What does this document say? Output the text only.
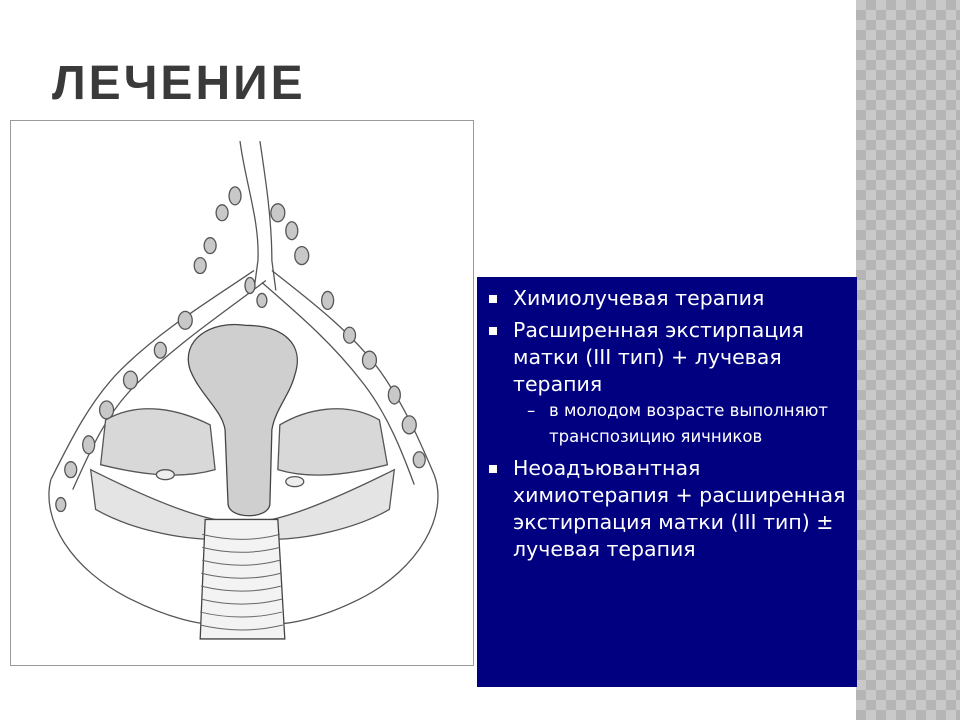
ЛЕЧЕНИЕ
Химиолучевая терапия
Расширенная экстирпация матки (III тип) + лучевая терапия
– в молодом возрасте выполняют транспозицию яичников
Неоадъювантная химиотерапия + расширенная экстирпация матки (III тип) ± лучевая терапия
